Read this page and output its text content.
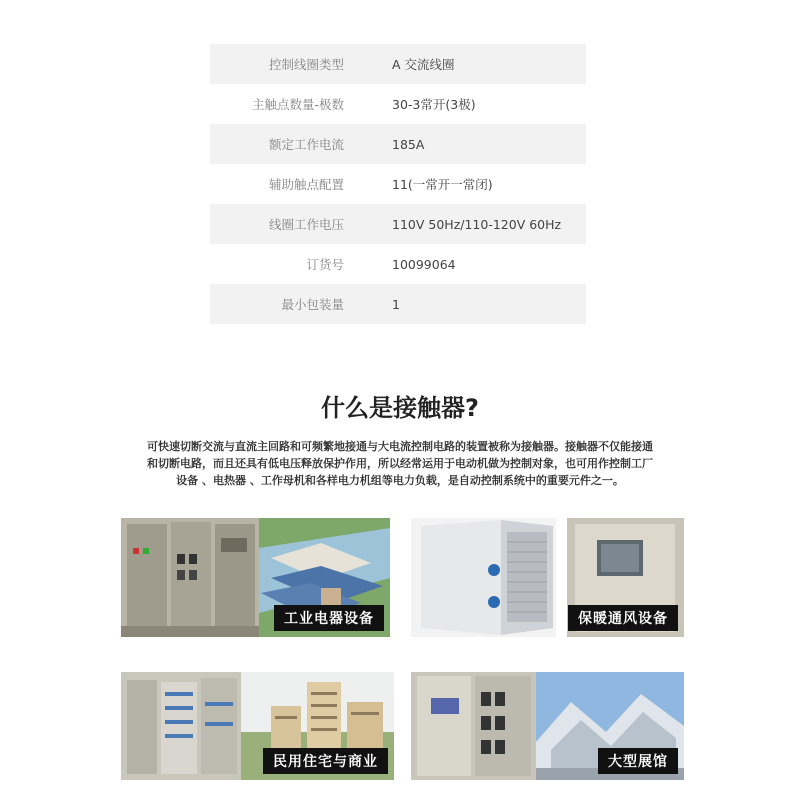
控制线圈类型	A 交流线圈
主触点数量-极数	30-3常开(3极)
额定工作电流	185A
辅助触点配置	11(一常开一常闭)
线圈工作电压	110V 50Hz/110-120V 60Hz
订货号	10099064
最小包装量	1
什么是接触器?
可快速切断交流与直流主回路和可频繁地接通与大电流控制电路的装置被称为接触器。接触器不仅能接通
和切断电路，而且还具有低电压释放保护作用，所以经常运用于电动机做为控制对象，也可用作控制工厂
设备 、电热器 、工作母机和各样电力机组等电力负载，是自动控制系统中的重要元件之一。
工业电器设备	保暖通风设备
民用住宅与商业	大型展馆
